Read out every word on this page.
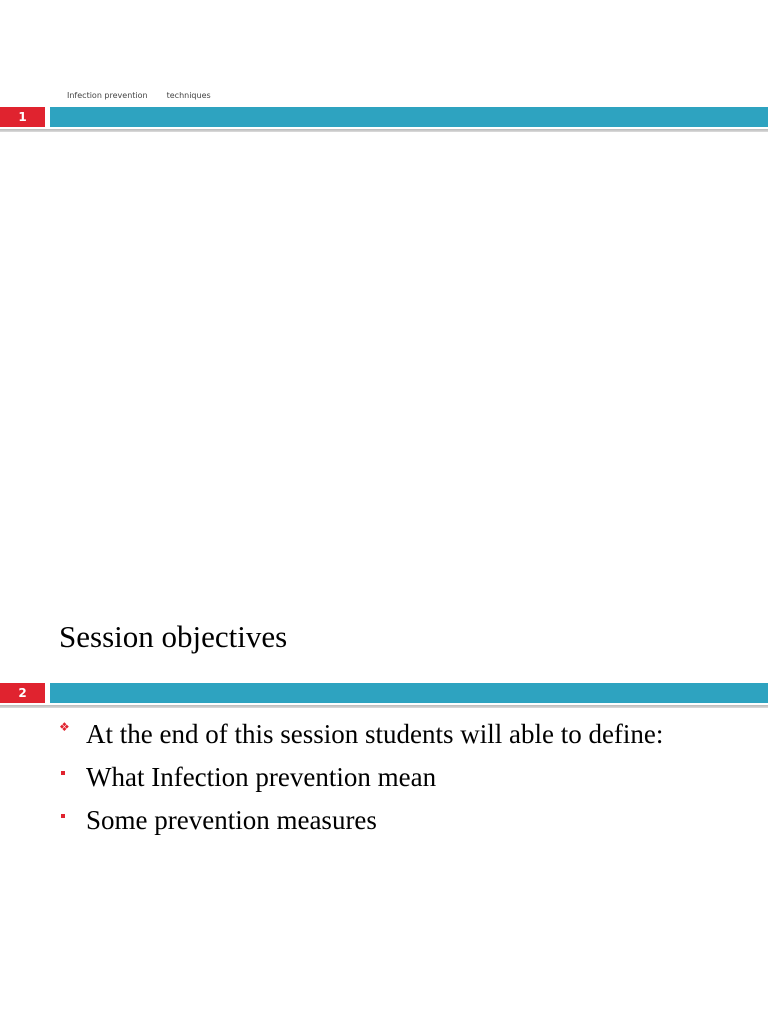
Infection prevention techniques
1
Session objectives
2
❖ At the end of this session students will able to define:
What Infection prevention mean
Some prevention measures
